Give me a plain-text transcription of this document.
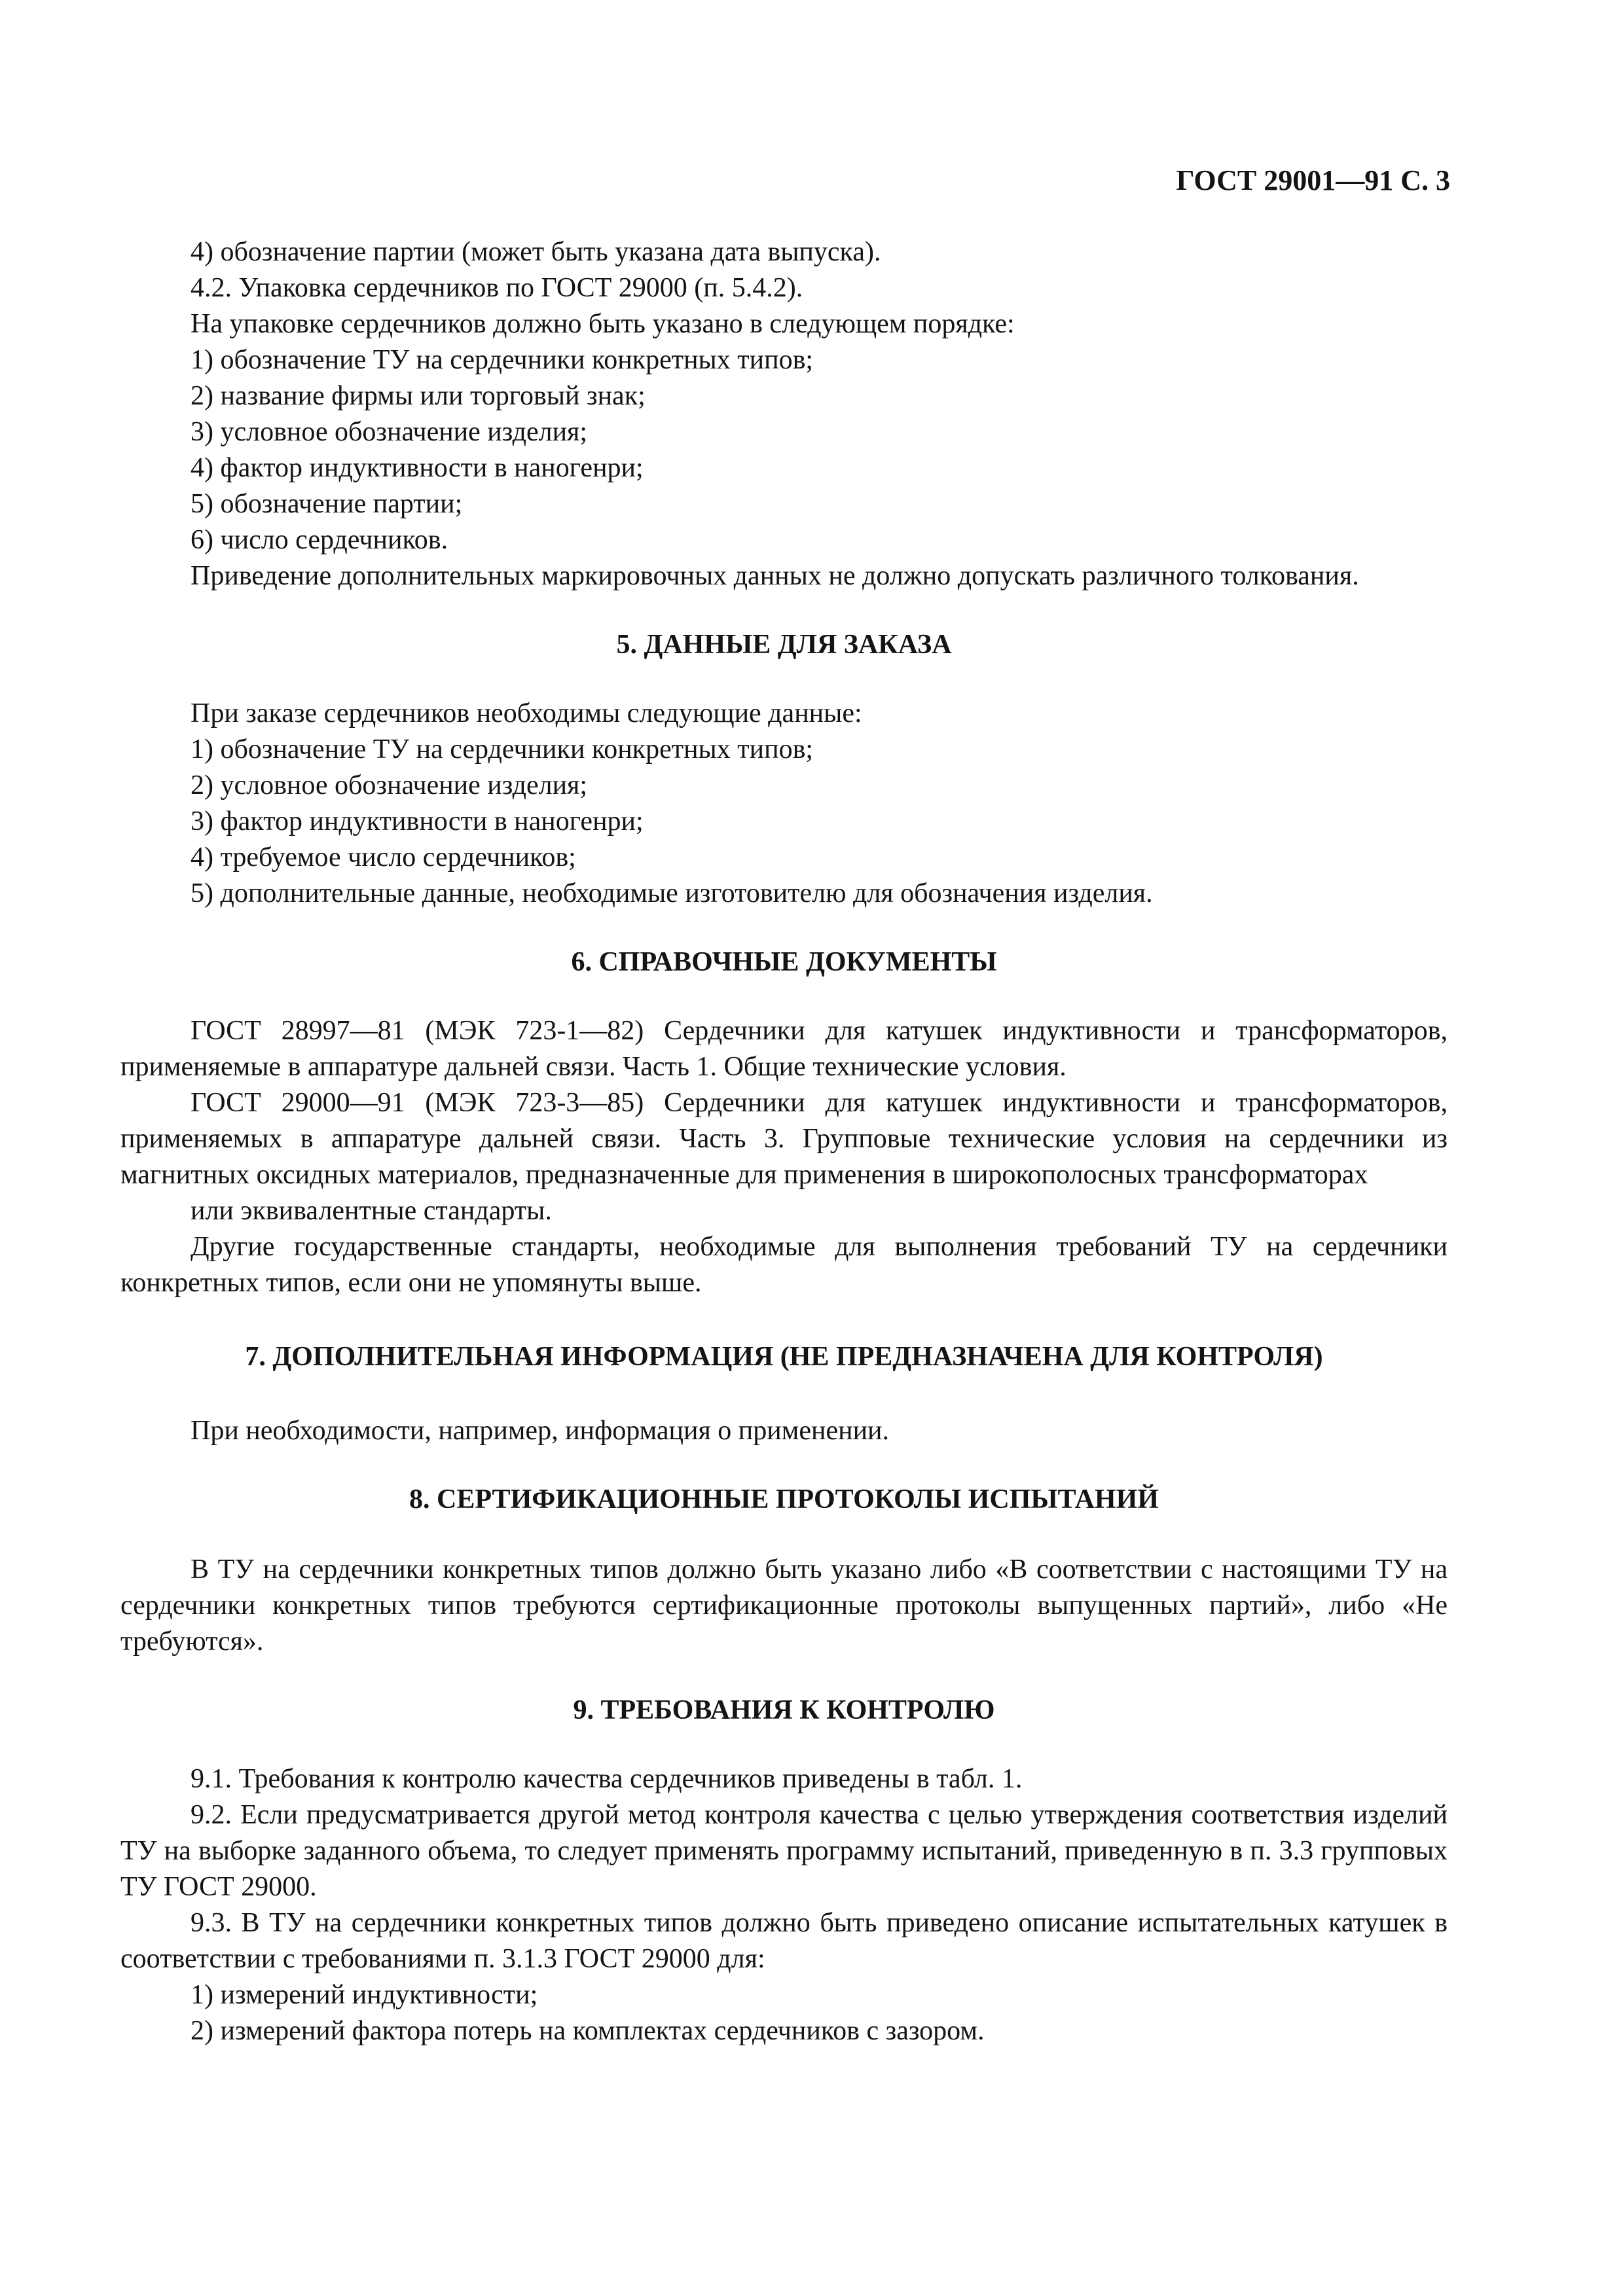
ГОСТ 29001—91 С. 3

4) обозначение партии (может быть указана дата выпуска).

4.2. Упаковка сердечников по ГОСТ 29000 (п. 5.4.2).

На упаковке сердечников должно быть указано в следующем порядке:

1) обозначение ТУ на сердечники конкретных типов;

2) название фирмы или торговый знак;

3) условное обозначение изделия;

4) фактор индуктивности в наногенри;

5) обозначение партии;

6) число сердечников.

Приведение дополнительных маркировочных данных не должно допускать различного толкования.

5. ДАННЫЕ ДЛЯ ЗАКАЗА

При заказе сердечников необходимы следующие данные:

1) обозначение ТУ на сердечники конкретных типов;

2) условное обозначение изделия;

3) фактор индуктивности в наногенри;

4) требуемое число сердечников;

5) дополнительные данные, необходимые изготовителю для обозначения изделия.

6. СПРАВОЧНЫЕ ДОКУМЕНТЫ

ГОСТ 28997—81 (МЭК 723-1—82) Сердечники для катушек индуктивности и трансформаторов, применяемые в аппаратуре дальней связи. Часть 1. Общие технические условия.

ГОСТ 29000—91 (МЭК 723-3—85) Сердечники для катушек индуктивности и трансформаторов, применяемых в аппаратуре дальней связи. Часть 3. Групповые технические условия на сердечники из магнитных оксидных материалов, предназначенные для применения в широкополосных трансформаторах

или эквивалентные стандарты.

Другие государственные стандарты, необходимые для выполнения требований ТУ на сердечники конкретных типов, если они не упомянуты выше.

7. ДОПОЛНИТЕЛЬНАЯ ИНФОРМАЦИЯ (НЕ ПРЕДНАЗНАЧЕНА ДЛЯ КОНТРОЛЯ)

При необходимости, например, информация о применении.

8. СЕРТИФИКАЦИОННЫЕ ПРОТОКОЛЫ ИСПЫТАНИЙ

В ТУ на сердечники конкретных типов должно быть указано либо «В соответствии с настоящими ТУ на сердечники конкретных типов требуются сертификационные протоколы выпущенных партий», либо «Не требуются».

9. ТРЕБОВАНИЯ К КОНТРОЛЮ

9.1. Требования к контролю качества сердечников приведены в табл. 1.

9.2. Если предусматривается другой метод контроля качества с целью утверждения соответствия изделий ТУ на выборке заданного объема, то следует применять программу испытаний, приведенную в п. 3.3 групповых ТУ ГОСТ 29000.

9.3. В ТУ на сердечники конкретных типов должно быть приведено описание испытательных катушек в соответствии с требованиями п. 3.1.3 ГОСТ 29000 для:

1) измерений индуктивности;

2) измерений фактора потерь на комплектах сердечников с зазором.
